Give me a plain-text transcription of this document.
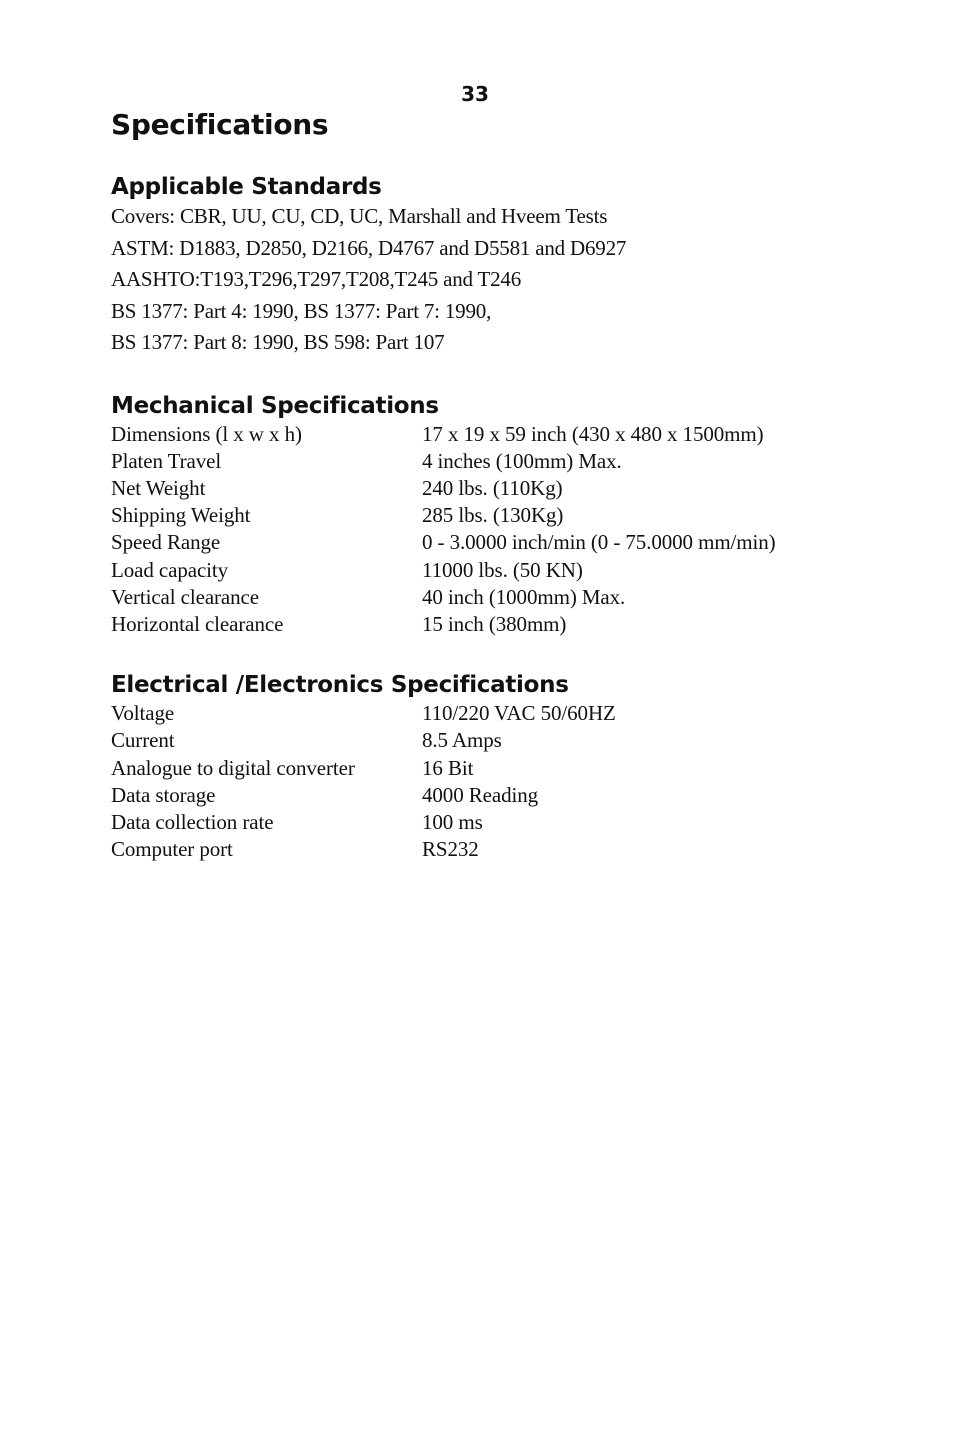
33
Specifications
Applicable Standards
Covers: CBR, UU, CU, CD, UC, Marshall and Hveem Tests
ASTM: D1883, D2850, D2166, D4767 and D5581 and D6927
AASHTO:T193,T296,T297,T208,T245 and T246
BS 1377: Part 4: 1990, BS 1377: Part 7: 1990,
BS 1377: Part 8: 1990, BS 598: Part 107
Mechanical Specifications
Dimensions (l x w x h)	17 x 19 x 59 inch (430 x 480 x 1500mm)
Platen Travel	4 inches (100mm) Max.
Net Weight	240 lbs. (110Kg)
Shipping Weight	285 lbs. (130Kg)
Speed Range	0 - 3.0000 inch/min (0 - 75.0000 mm/min)
Load capacity	11000 lbs. (50 KN)
Vertical clearance	40 inch (1000mm) Max.
Horizontal clearance	15 inch (380mm)
Electrical /Electronics Specifications
Voltage	110/220 VAC 50/60HZ
Current	8.5 Amps
Analogue to digital converter	16 Bit
Data storage	4000 Reading
Data collection rate	100 ms
Computer port	RS232
